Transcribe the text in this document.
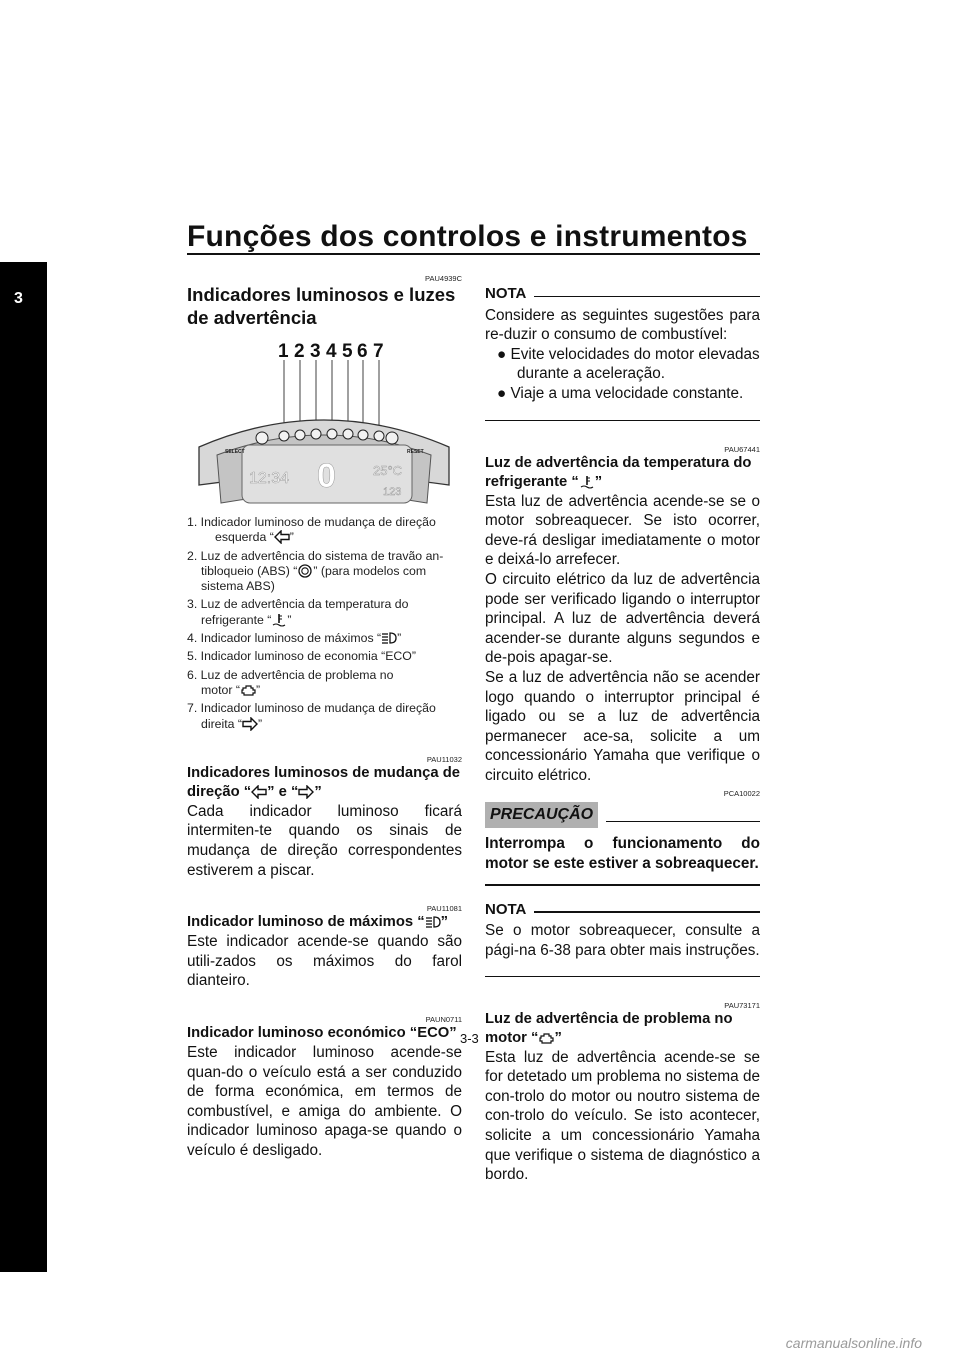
Funções dos controlos e instrumentos
3

PAU4939C

Indicadores luminosos e luzes de advertência

1 2 3 4 5 6 7
SELECT	RESET
12:34 0	25°C
123
1. Indicador luminoso de mudança de direção
esquerda “ ”
2. Luz de advertência do sistema de travão an-
tibloqueio (ABS) “ ” (para modelos com
sistema ABS)
3. Luz de advertência da temperatura do
refrigerante “ ”
4. Indicador luminoso de máximos “ ”
5. Indicador luminoso de economia “ECO”
6. Luz de advertência de problema no
motor “ ”
7. Indicador luminoso de mudança de direção
direita “ ”

PAU11032

Indicadores luminosos de mudança de
direção “ ” e “ ”

Cada indicador luminoso ficará intermiten-te quando os sinais de mudança de direção correspondentes estiverem a piscar.

PAU11081

Indicador luminoso de máximos “ ”

Este indicador acende-se quando são utili-zados os máximos do farol dianteiro.

PAUN0711

Indicador luminoso económico “ECO”

Este indicador luminoso acende-se quan-do o veículo está a ser conduzido de forma económica, em termos de combustível, e amiga do ambiente. O indicador luminoso apaga-se quando o veículo é desligado.

NOTA

Considere as seguintes sugestões para re-duzir o consumo de combustível:

● Evite velocidades do motor elevadas durante a aceleração.

● Viaje a uma velocidade constante.

PAU67441

Luz de advertência da temperatura do
refrigerante “ ”

Esta luz de advertência acende-se se o motor sobreaquecer. Se isto ocorrer, deve-rá desligar imediatamente o motor e deixá-lo arrefecer.

O circuito elétrico da luz de advertência pode ser verificado ligando o interruptor principal. A luz de advertência deverá acender-se durante alguns segundos e de-pois apagar-se.

Se a luz de advertência não se acender logo quando o interruptor principal é ligado ou se a luz de advertência permanecer ace-sa, solicite a um concessionário Yamaha que verifique o circuito elétrico.

PCA10022

PRECAUÇÃO

Interrompa o funcionamento do motor se este estiver a sobreaquecer.

NOTA

Se o motor sobreaquecer, consulte a pági-na 6-38 para obter mais instruções.

PAU73171

Luz de advertência de problema no
motor “ ”

Esta luz de advertência acende-se se for detetado um problema no sistema de con-trolo do motor ou noutro sistema de con-trolo do veículo. Se isto acontecer, solicite a um concessionário Yamaha que verifique o sistema de diagnóstico a bordo.

3-3
carmanualsonline.info
